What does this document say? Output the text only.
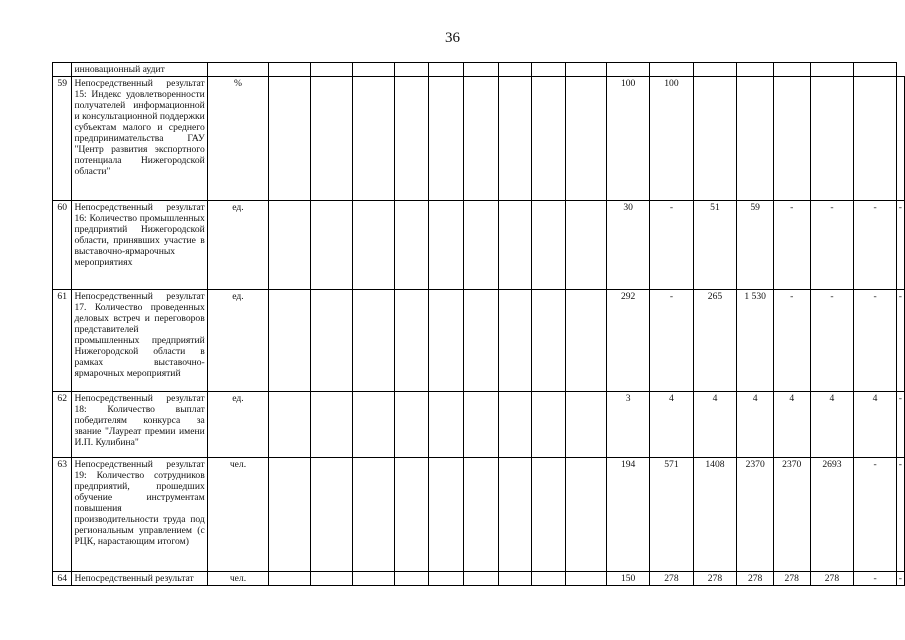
36
	инновационный аудит																		
59	Непосредственный результат 15: Индекс удовлетворенности получателей информационной и консультационной поддержки субъектам малого и среднего предпринимательства ГАУ "Центр развития экспортного потенциала Нижегородской области"	%										100	100						
60	Непосредственный результат 16: Количество промышленных предприятий Нижегородской области, принявших участие в выставочно-ярмарочных мероприятиях	ед.										30	-	51	59	-	-	-	-
61	Непосредственный результат 17. Количество проведенных деловых встреч и переговоров представителей промышленных предприятий Нижегородской области в рамках выставочно-ярмарочных мероприятий	ед.										292	-	265	1 530	-	-	-	-
62	Непосредственный результат 18: Количество выплат победителям конкурса за звание "Лауреат премии имени И.П. Кулибина"	ед.										3	4	4	4	4	4	4	-
63	Непосредственный результат 19: Количество сотрудников предприятий, прошедших обучение инструментам повышения производительности труда под региональным управлением (с РЦК, нарастающим итогом)	чел.										194	571	1408	2370	2370	2693	-	-
64	Непосредственный результат	чел.										150	278	278	278	278	278	-	-
